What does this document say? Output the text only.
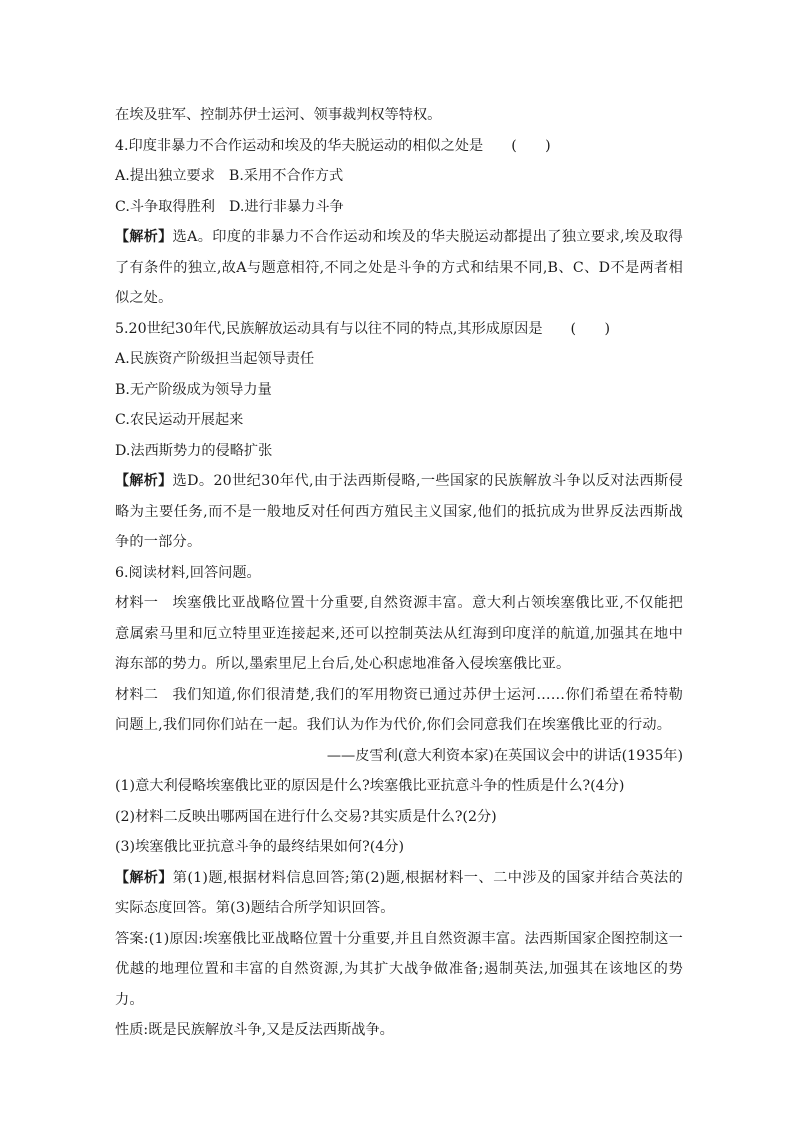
在埃及驻军、控制苏伊士运河、领事裁判权等特权。
4.印度非暴力不合作运动和埃及的华夫脱运动的相似之处是 (　　)
A.提出独立要求 B.采用不合作方式
C.斗争取得胜利 D.进行非暴力斗争
【解析】选A。印度的非暴力不合作运动和埃及的华夫脱运动都提出了独立要求,埃及取得了有条件的独立,故A与题意相符,不同之处是斗争的方式和结果不同,B、C、D不是两者相似之处。
5.20世纪30年代,民族解放运动具有与以往不同的特点,其形成原因是 (　　)
A.民族资产阶级担当起领导责任
B.无产阶级成为领导力量
C.农民运动开展起来
D.法西斯势力的侵略扩张
【解析】选D。20世纪30年代,由于法西斯侵略,一些国家的民族解放斗争以反对法西斯侵略为主要任务,而不是一般地反对任何西方殖民主义国家,他们的抵抗成为世界反法西斯战争的一部分。
6.阅读材料,回答问题。
材料一 埃塞俄比亚战略位置十分重要,自然资源丰富。意大利占领埃塞俄比亚,不仅能把意属索马里和厄立特里亚连接起来,还可以控制英法从红海到印度洋的航道,加强其在地中海东部的势力。所以,墨索里尼上台后,处心积虑地准备入侵埃塞俄比亚。
材料二 我们知道,你们很清楚,我们的军用物资已通过苏伊士运河……你们希望在希特勒问题上,我们同你们站在一起。我们认为作为代价,你们会同意我们在埃塞俄比亚的行动。
——皮雪利(意大利资本家)在英国议会中的讲话(1935年)
(1)意大利侵略埃塞俄比亚的原因是什么?埃塞俄比亚抗意斗争的性质是什么?(4分)
(2)材料二反映出哪两国在进行什么交易?其实质是什么?(2分)
(3)埃塞俄比亚抗意斗争的最终结果如何?(4分)
【解析】第(1)题,根据材料信息回答;第(2)题,根据材料一、二中涉及的国家并结合英法的实际态度回答。第(3)题结合所学知识回答。
答案:(1)原因:埃塞俄比亚战略位置十分重要,并且自然资源丰富。法西斯国家企图控制这一优越的地理位置和丰富的自然资源,为其扩大战争做准备;遏制英法,加强其在该地区的势力。
性质:既是民族解放斗争,又是反法西斯战争。
